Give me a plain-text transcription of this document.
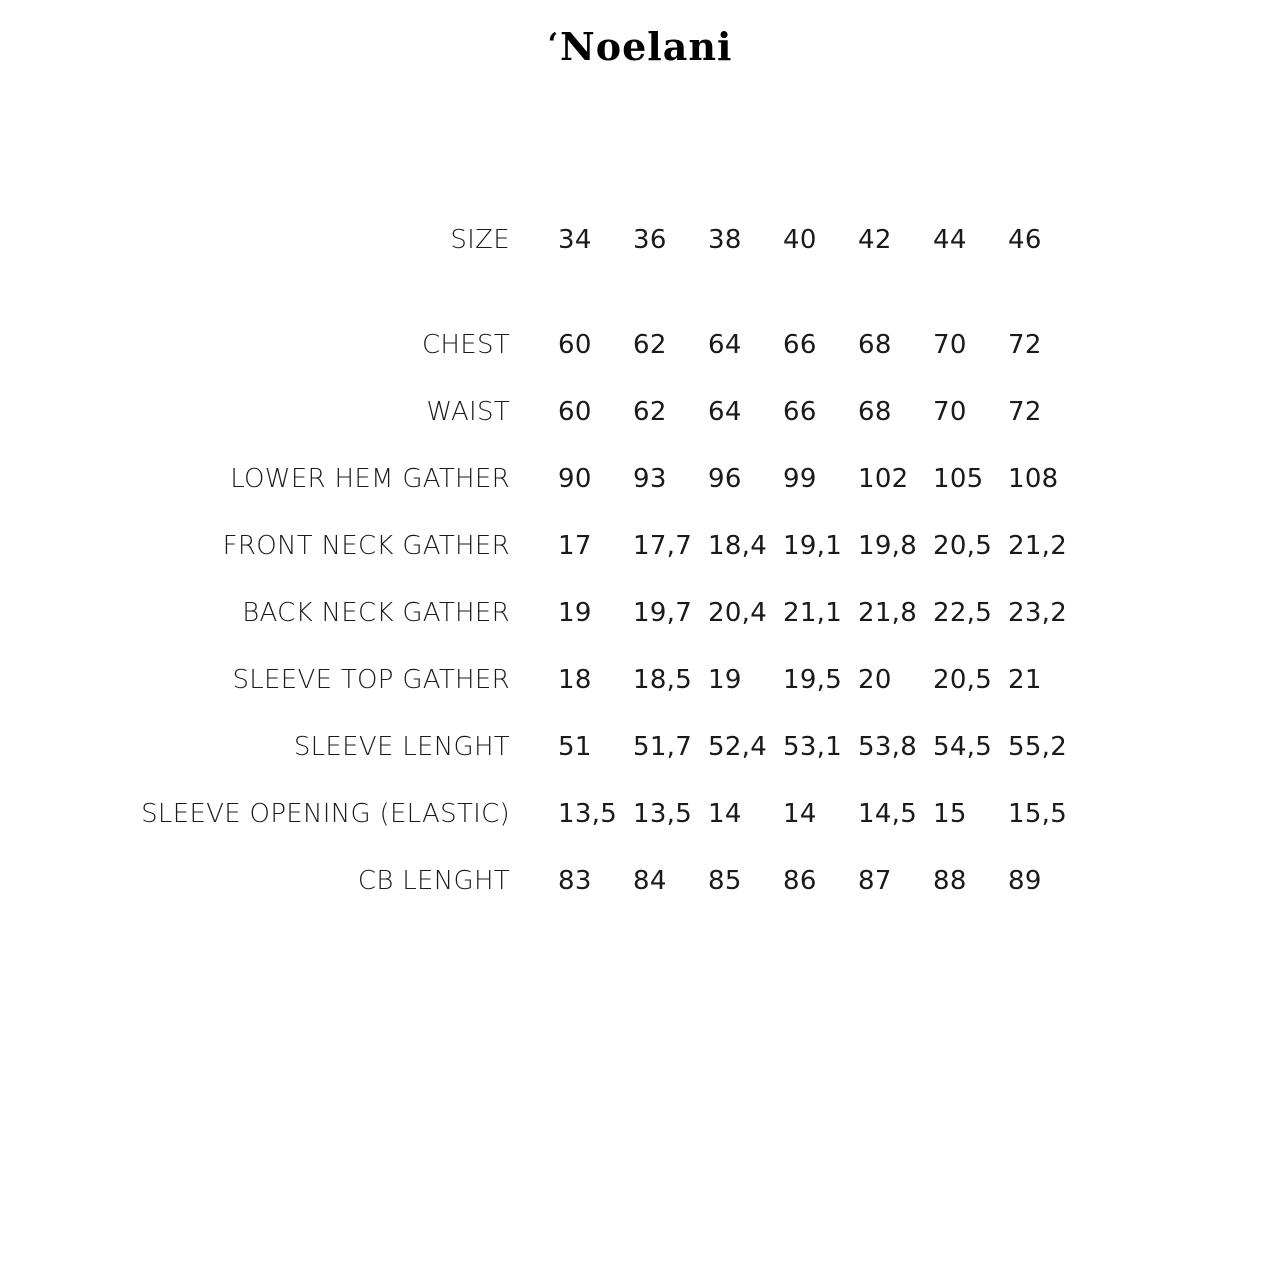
‘Noelani
SIZE 34 36 38 40 42 44 46
CHEST 60 62 64 66 68 70 72
WAIST 60 62 64 66 68 70 72
LOWER HEM GATHER 90 93 96 99 102 105 108
FRONT NECK GATHER 17 17,7 18,4 19,1 19,8 20,5 21,2
BACK NECK GATHER 19 19,7 20,4 21,1 21,8 22,5 23,2
SLEEVE TOP GATHER 18 18,5 19 19,5 20 20,5 21
SLEEVE LENGHT 51 51,7 52,4 53,1 53,8 54,5 55,2
SLEEVE OPENING (ELASTIC) 13,5 13,5 14 14 14,5 15 15,5
CB LENGHT 83 84 85 86 87 88 89
